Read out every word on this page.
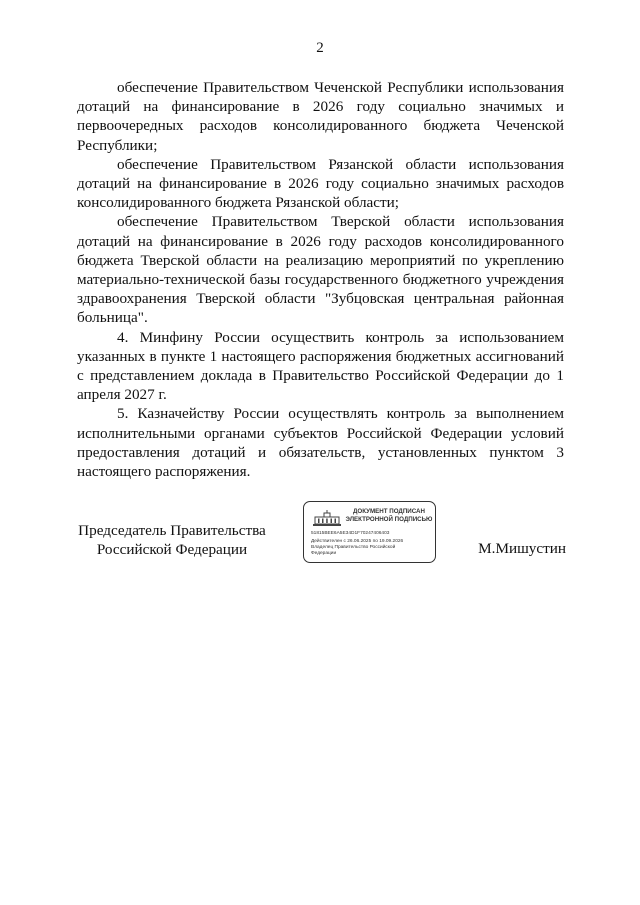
2

обеспечение Правительством Чеченской Республики использования дотаций на финансирование в 2026 году социально значимых и первоочередных расходов консолидированного бюджета Чеченской Республики;

обеспечение Правительством Рязанской области использования дотаций на финансирование в 2026 году социально значимых расходов консолидированного бюджета Рязанской области;

обеспечение Правительством Тверской области использования дотаций на финансирование в 2026 году расходов консолидированного бюджета Тверской области на реализацию мероприятий по укреплению материально-технической базы государственного бюджетного учреждения здравоохранения Тверской области "Зубцовская центральная районная больница".

4. Минфину России осуществить контроль за использованием указанных в пункте 1 настоящего распоряжения бюджетных ассигнований с представлением доклада в Правительство Российской Федерации до 1 апреля 2027 г.

5. Казначейству России осуществлять контроль за выполнением исполнительными органами субъектов Российской Федерации условий предоставления дотаций и обязательств, установленных пунктом 3 настоящего распоряжения.

Председатель Правительства
Российской Федерации
ДОКУМЕНТ ПОДПИСАН
ЭЛЕКТРОННОЙ ПОДПИСЬЮ
51815BEE6A5E34D1F70247406403
Действителен с 26.06.2025 по 19.09.2026
Владелец Правительство Российской
Федерации	М.Мишустин
